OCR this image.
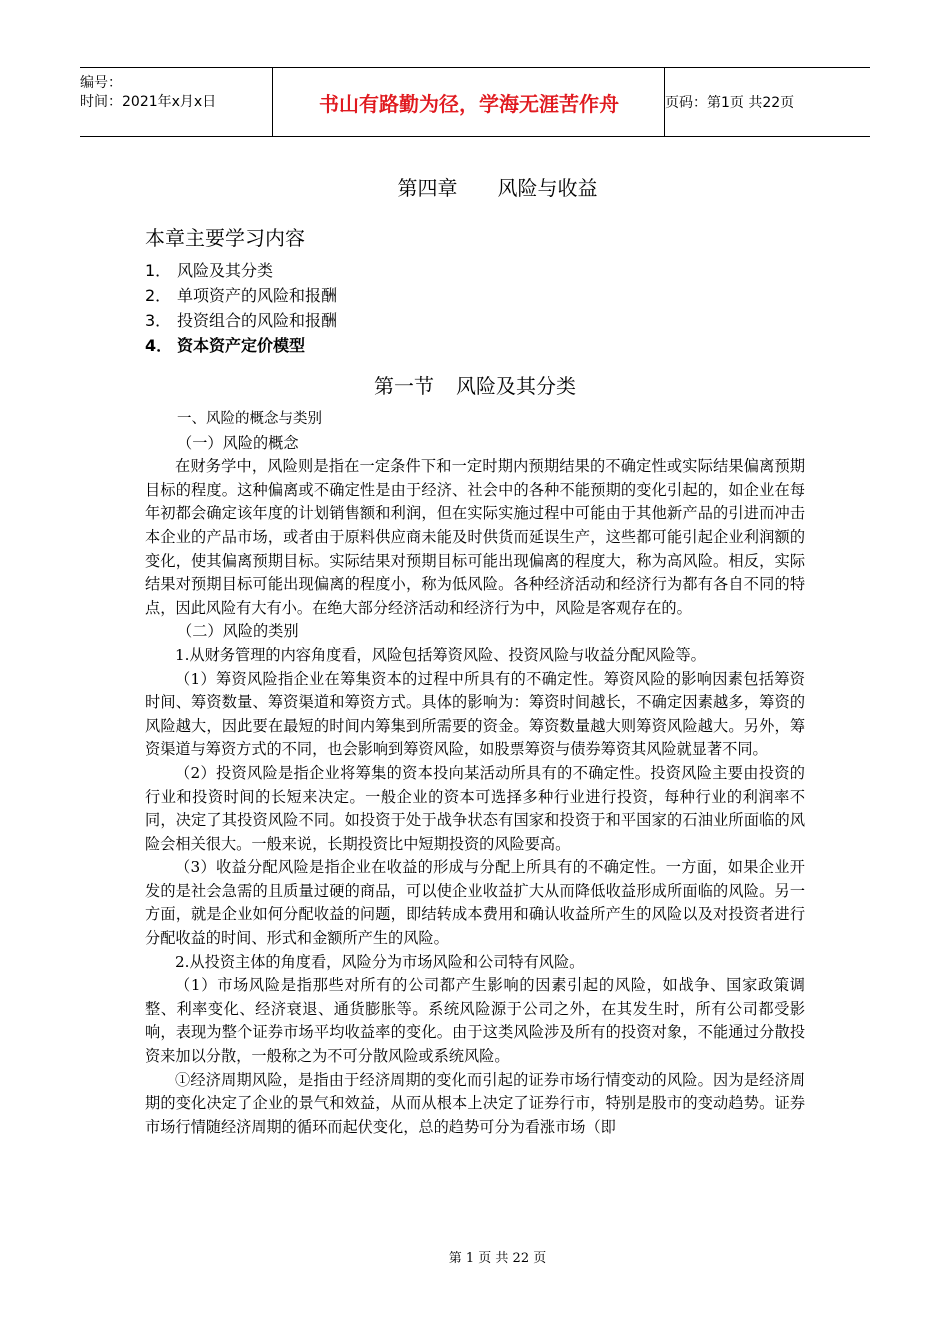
编号：
时间：2021年x月x日	书山有路勤为径，学海无涯苦作舟	页码：第1页 共22页
第四章 风险与收益
本章主要学习内容
1． 风险及其分类
2． 单项资产的风险和报酬
3． 投资组合的风险和报酬
4． 资本资产定价模型
第一节 风险及其分类

一、风险的概念与类别

（一）风险的概念

在财务学中，风险则是指在一定条件下和一定时期内预期结果的不确定性或实际结果偏离预期目标的程度。这种偏离或不确定性是由于经济、社会中的各种不能预期的变化引起的，如企业在每年初都会确定该年度的计划销售额和利润，但在实际实施过程中可能由于其他新产品的引进而冲击本企业的产品市场，或者由于原料供应商未能及时供货而延误生产，这些都可能引起企业利润额的变化，使其偏离预期目标。实际结果对预期目标可能出现偏离的程度大，称为高风险。相反，实际结果对预期目标可能出现偏离的程度小，称为低风险。各种经济活动和经济行为都有各自不同的特点，因此风险有大有小。在绝大部分经济活动和经济行为中，风险是客观存在的。

（二）风险的类别

1.从财务管理的内容角度看，风险包括筹资风险、投资风险与收益分配风险等。

（1）筹资风险指企业在筹集资本的过程中所具有的不确定性。筹资风险的影响因素包括筹资时间、筹资数量、筹资渠道和筹资方式。具体的影响为：筹资时间越长，不确定因素越多，筹资的风险越大，因此要在最短的时间内筹集到所需要的资金。筹资数量越大则筹资风险越大。另外，筹资渠道与筹资方式的不同，也会影响到筹资风险，如股票筹资与债券筹资其风险就显著不同。

（2）投资风险是指企业将筹集的资本投向某活动所具有的不确定性。投资风险主要由投资的行业和投资时间的长短来决定。一般企业的资本可选择多种行业进行投资，每种行业的利润率不同，决定了其投资风险不同。如投资于处于战争状态有国家和投资于和平国家的石油业所面临的风险会相关很大。一般来说，长期投资比中短期投资的风险要高。

（3）收益分配风险是指企业在收益的形成与分配上所具有的不确定性。一方面，如果企业开发的是社会急需的且质量过硬的商品，可以使企业收益扩大从而降低收益形成所面临的风险。另一方面，就是企业如何分配收益的问题，即结转成本费用和确认收益所产生的风险以及对投资者进行分配收益的时间、形式和金额所产生的风险。

2.从投资主体的角度看，风险分为市场风险和公司特有风险。

（1）市场风险是指那些对所有的公司都产生影响的因素引起的风险，如战争、国家政策调整、利率变化、经济衰退、通货膨胀等。系统风险源于公司之外，在其发生时，所有公司都受影响，表现为整个证券市场平均收益率的变化。由于这类风险涉及所有的投资对象，不能通过分散投资来加以分散，一般称之为不可分散风险或系统风险。

①经济周期风险，是指由于经济周期的变化而引起的证券市场行情变动的风险。因为是经济周期的变化决定了企业的景气和效益，从而从根本上决定了证券行市，特别是股市的变动趋势。证券市场行情随经济周期的循环而起伏变化，总的趋势可分为看涨市场（即

第 1 页 共 22 页
